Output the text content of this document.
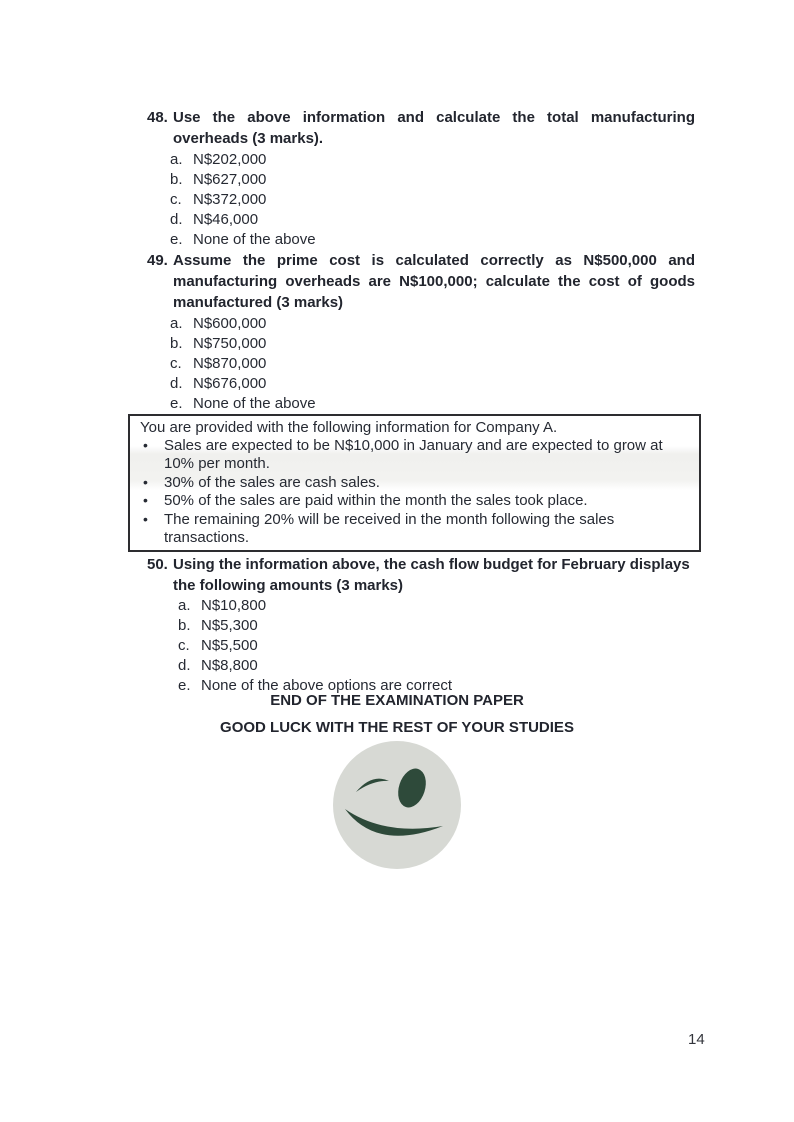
48. Use the above information and calculate the total manufacturing overheads (3 marks).
a. N$202,000
b. N$627,000
c. N$372,000
d. N$46,000
e. None of the above
49. Assume the prime cost is calculated correctly as N$500,000 and manufacturing overheads are N$100,000; calculate the cost of goods manufactured (3 marks)
a. N$600,000
b. N$750,000
c. N$870,000
d. N$676,000
e. None of the above
You are provided with the following information for Company A.
• Sales are expected to be N$10,000 in January and are expected to grow at 10% per month.
• 30% of the sales are cash sales.
• 50% of the sales are paid within the month the sales took place.
• The remaining 20% will be received in the month following the sales transactions.
50. Using the information above, the cash flow budget for February displays the following amounts (3 marks)
a. N$10,800
b. N$5,300
c. N$5,500
d. N$8,800
e. None of the above options are correct
END OF THE EXAMINATION PAPER
GOOD LUCK WITH THE REST OF YOUR STUDIES
14
